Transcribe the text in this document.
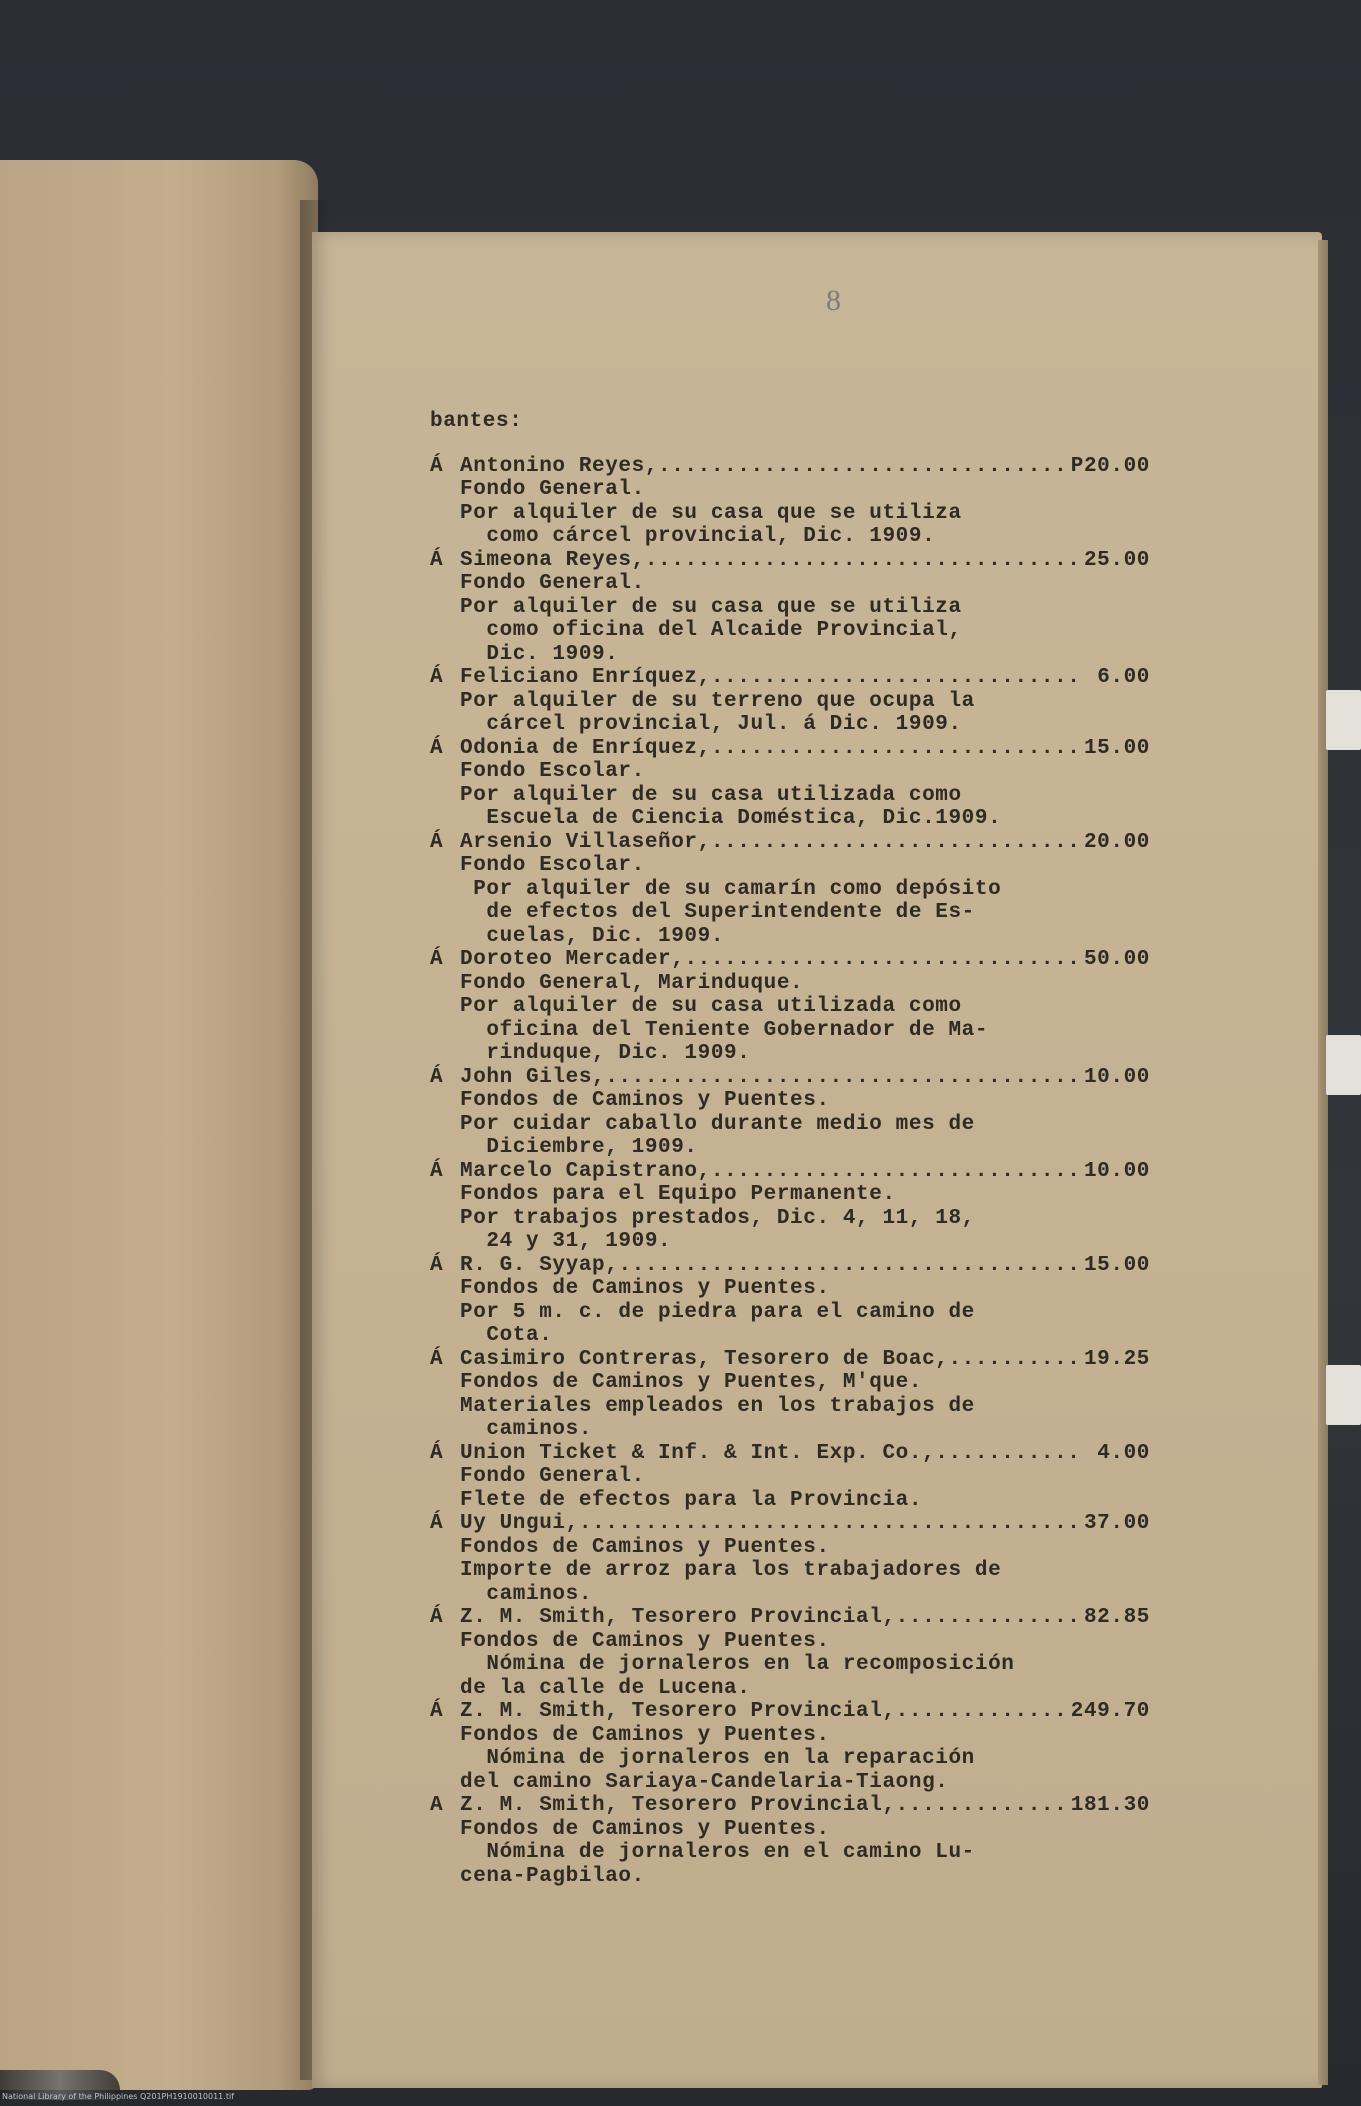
8
bantes:
Á Antonino Reyes, .....	P20.00
Fondo General.
Por alquiler de su casa que se utiliza
como cárcel provincial, Dic. 1909.
Á Simeona Reyes, .....	25.00
Fondo General.
Por alquiler de su casa que se utiliza
como oficina del Alcaide Provincial,
Dic. 1909.
Á Feliciano Enríquez, .....	6.00
Por alquiler de su terreno que ocupa la
cárcel provincial, Jul. á Dic. 1909.
Á Odonia de Enríquez, .....	15.00
Fondo Escolar.
Por alquiler de su casa utilizada como
Escuela de Ciencia Doméstica, Dic.1909.
Á Arsenio Villaseñor, .....	20.00
Fondo Escolar.
Por alquiler de su camarín como depósito
de efectos del Superintendente de Es-
cuelas, Dic. 1909.
Á Doroteo Mercader, .....	50.00
Fondo General, Marinduque.
Por alquiler de su casa utilizada como
oficina del Teniente Gobernador de Ma-
rinduque, Dic. 1909.
Á John Giles, .....	10.00
Fondos de Caminos y Puentes.
Por cuidar caballo durante medio mes de
Diciembre, 1909.
Á Marcelo Capistrano, .....	10.00
Fondos para el Equipo Permanente.
Por trabajos prestados, Dic. 4, 11, 18,
24 y 31, 1909.
Á R. G. Syyap, .....	15.00
Fondos de Caminos y Puentes.
Por 5 m. c. de piedra para el camino de
Cota.
Á Casimiro Contreras, Tesorero de Boac, .....	19.25
Fondos de Caminos y Puentes, M'que.
Materiales empleados en los trabajos de
caminos.
Á Union Ticket & Inf. & Int. Exp. Co., .....	4.00
Fondo General.
Flete de efectos para la Provincia.
Á Uy Ungui, .....	37.00
Fondos de Caminos y Puentes.
Importe de arroz para los trabajadores de
caminos.
Á Z. M. Smith, Tesorero Provincial, .....	82.85
Fondos de Caminos y Puentes.
Nómina de jornaleros en la recomposición
de la calle de Lucena.
Á Z. M. Smith, Tesorero Provincial, .....	249.70
Fondos de Caminos y Puentes.
Nómina de jornaleros en la reparación
del camino Sariaya-Candelaria-Tiaong.
A Z. M. Smith, Tesorero Provincial, .....	181.30
Fondos de Caminos y Puentes.
Nómina de jornaleros en el camino Lu-
cena-Pagbilao.
National Library of the Philippines Q201PH1910010011.tif
